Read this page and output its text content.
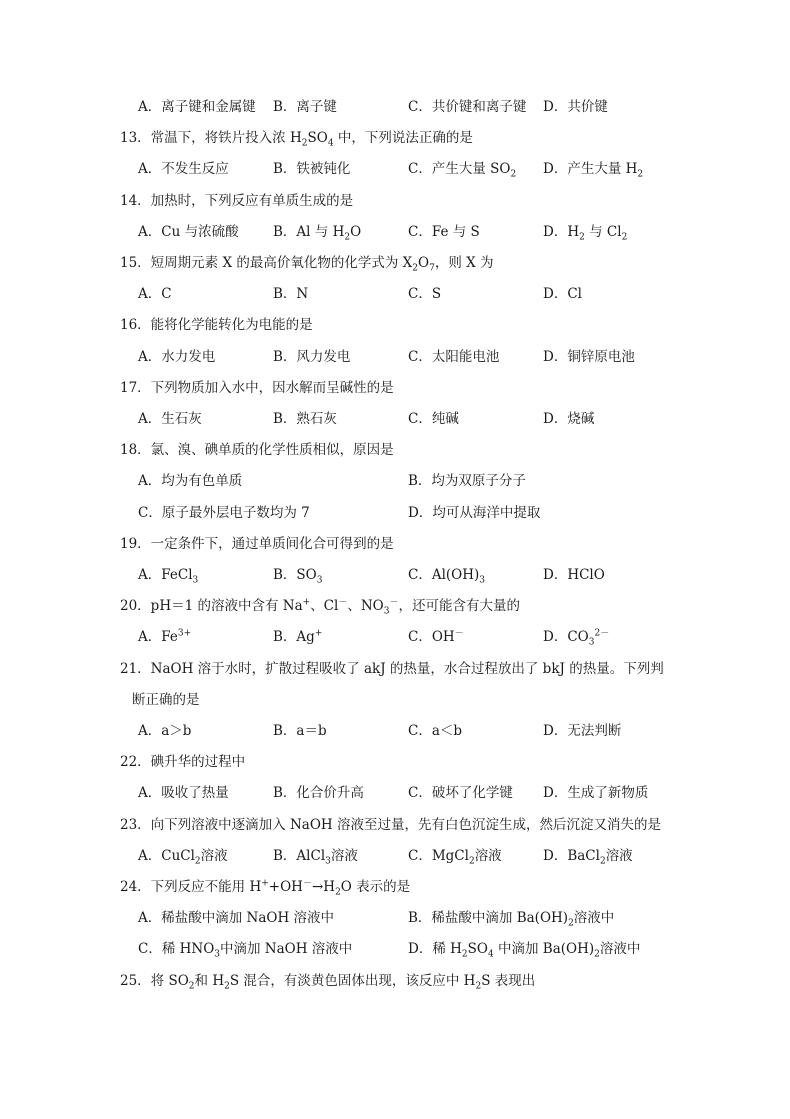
A．离子键和金属键 B．离子键	C．共价键和离子键 D．共价键
13．常温下，将铁片投入浓 $H_2SO_4$ 中，下列说法正确的是
A．不发生反应	B．铁被钝化	C．产生大量 $SO_2$ D．产生大量 $H_2$
14．加热时，下列反应有单质生成的是
A．Cu 与浓硫酸	B．Al 与 $H_2O$	C．Fe 与 S	D．$H_2$ 与 $Cl_2$
15．短周期元素 X 的最高价氧化物的化学式为 $X_2O_7$，则 X 为
A．C	B．N	C．S	D．Cl
16．能将化学能转化为电能的是
A．水力发电	B．风力发电	C．太阳能电池	D．铜锌原电池
17．下列物质加入水中，因水解而呈碱性的是
A．生石灰	B．熟石灰	C．纯碱	D．烧碱
18．氯、溴、碘单质的化学性质相似，原因是
A．均为有色单质	B．均为双原子分子
C．原子最外层电子数均为 7	D．均可从海洋中提取
19．一定条件下，通过单质间化合可得到的是
A．FeCl$_3$	B．$SO_3$	C．$Al(OH)_3$	D．HClO
20．pH＝1 的溶液中含有 Na+、Cl－、$NO_3^-$，还可能含有大量的
A．$Fe^{3+}$	B．Ag+	C．OH－	D．$CO_3^{2-}$
21．NaOH 溶于水时，扩散过程吸收了 akJ 的热量，水合过程放出了 bkJ 的热量。下列判
断正确的是
A．a＞b	B．a＝b	C．a＜b	D．无法判断
22．碘升华的过程中
A．吸收了热量	B．化合价升高	C．破坏了化学键 D．生成了新物质
23．向下列溶液中逐滴加入 NaOH 溶液至过量，先有白色沉淀生成，然后沉淀又消失的是
A．CuCl$_2$溶液	B．AlCl$_3$溶液	C．MgCl$_2$溶液	D．BaCl$_2$溶液
24．下列反应不能用 $H^++OH^-\to H_2O$ 表示的是
A．稀盐酸中滴加 NaOH 溶液中	B．稀盐酸中滴加 $Ba(OH)_2$溶液中
C．稀 $HNO_3$中滴加 NaOH 溶液中	D．稀 $H_2SO_4$ 中滴加 $Ba(OH)_2$溶液中
25．将 $SO_2$和 $H_2S$ 混合，有淡黄色固体出现，该反应中 $H_2S$ 表现出
